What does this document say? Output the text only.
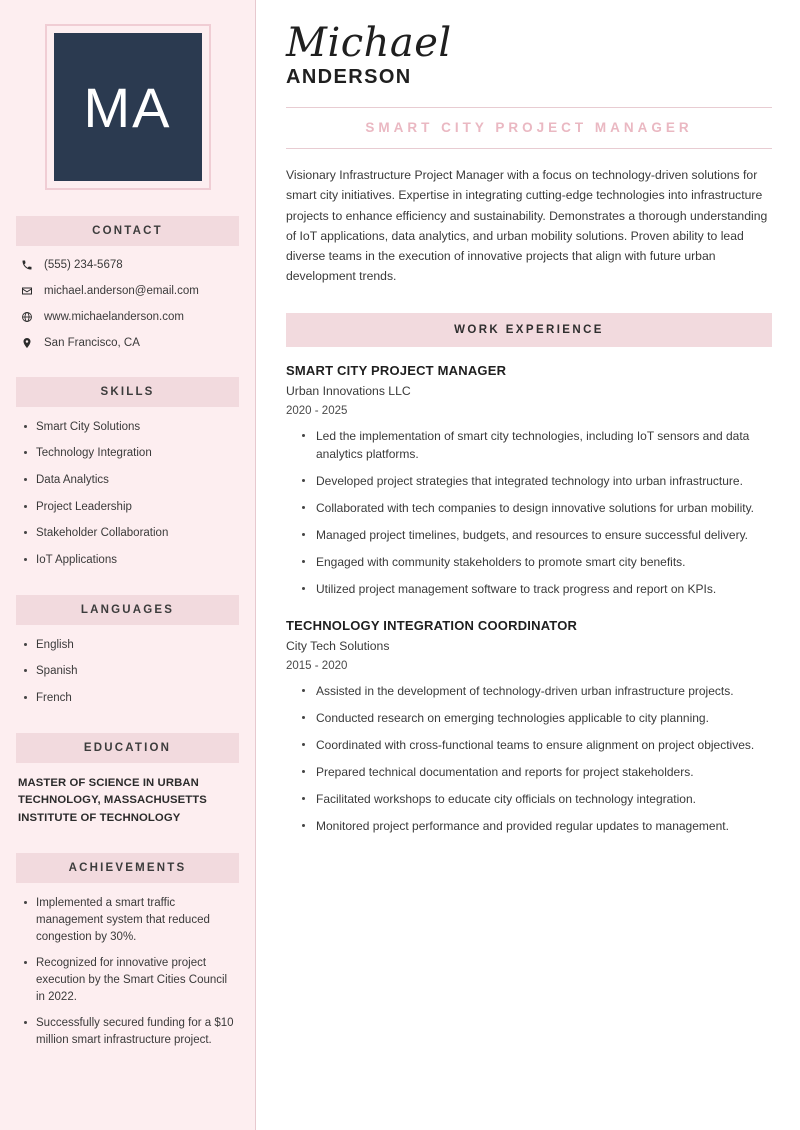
MA
CONTACT
(555) 234-5678
michael.anderson@email.com
www.michaelanderson.com
San Francisco, CA
SKILLS
Smart City Solutions
Technology Integration
Data Analytics
Project Leadership
Stakeholder Collaboration
IoT Applications
LANGUAGES
English
Spanish
French
EDUCATION
MASTER OF SCIENCE IN URBAN TECHNOLOGY, MASSACHUSETTS INSTITUTE OF TECHNOLOGY
ACHIEVEMENTS
Implemented a smart traffic management system that reduced congestion by 30%.
Recognized for innovative project execution by the Smart Cities Council in 2022.
Successfully secured funding for a $10 million smart infrastructure project.
Michael
ANDERSON
SMART CITY PROJECT MANAGER

Visionary Infrastructure Project Manager with a focus on technology-driven solutions for smart city initiatives. Expertise in integrating cutting-edge technologies into infrastructure projects to enhance efficiency and sustainability. Demonstrates a thorough understanding of IoT applications, data analytics, and urban mobility solutions. Proven ability to lead diverse teams in the execution of innovative projects that align with future urban development trends.

WORK EXPERIENCE
SMART CITY PROJECT MANAGER
Urban Innovations LLC
2020 - 2025
Led the implementation of smart city technologies, including IoT sensors and data analytics platforms.
Developed project strategies that integrated technology into urban infrastructure.
Collaborated with tech companies to design innovative solutions for urban mobility.
Managed project timelines, budgets, and resources to ensure successful delivery.
Engaged with community stakeholders to promote smart city benefits.
Utilized project management software to track progress and report on KPIs.
TECHNOLOGY INTEGRATION COORDINATOR
City Tech Solutions
2015 - 2020
Assisted in the development of technology-driven urban infrastructure projects.
Conducted research on emerging technologies applicable to city planning.
Coordinated with cross-functional teams to ensure alignment on project objectives.
Prepared technical documentation and reports for project stakeholders.
Facilitated workshops to educate city officials on technology integration.
Monitored project performance and provided regular updates to management.
